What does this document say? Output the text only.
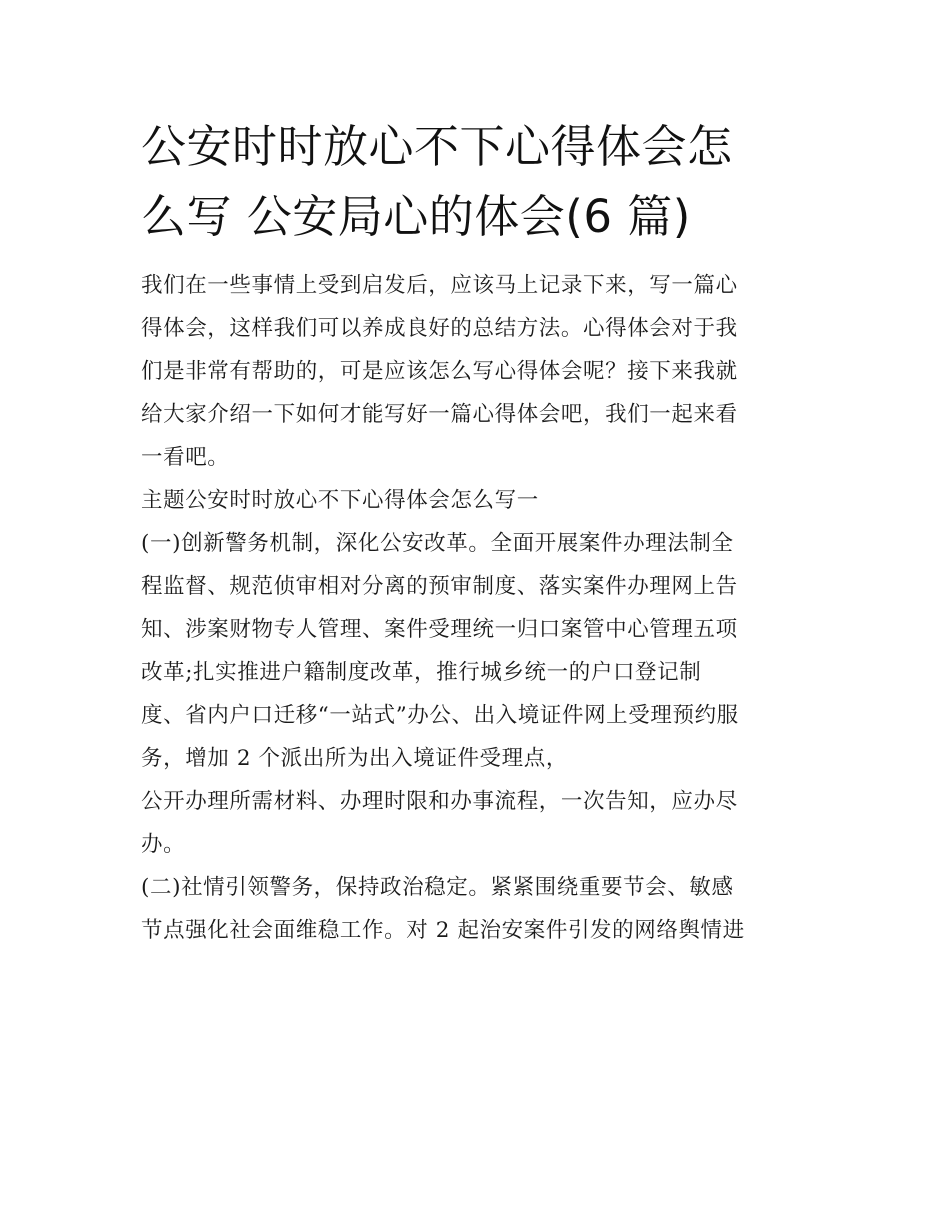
公安时时放心不下心得体会怎
么写 公安局心的体会(6 篇)
我们在一些事情上受到启发后，应该马上记录下来，写一篇心
得体会，这样我们可以养成良好的总结方法。心得体会对于我
们是非常有帮助的，可是应该怎么写心得体会呢？接下来我就
给大家介绍一下如何才能写好一篇心得体会吧，我们一起来看
一看吧。
主题公安时时放心不下心得体会怎么写一
(一)创新警务机制，深化公安改革。全面开展案件办理法制全
程监督、规范侦审相对分离的预审制度、落实案件办理网上告
知、涉案财物专人管理、案件受理统一归口案管中心管理五项
改革;扎实推进户籍制度改革，推行城乡统一的户口登记制
度、省内户口迁移“一站式”办公、出入境证件网上受理预约服
务，增加 2 个派出所为出入境证件受理点，
公开办理所需材料、办理时限和办事流程，一次告知，应办尽
办。
(二)社情引领警务，保持政治稳定。紧紧围绕重要节会、敏感
节点强化社会面维稳工作。对 2 起治安案件引发的网络舆情进
